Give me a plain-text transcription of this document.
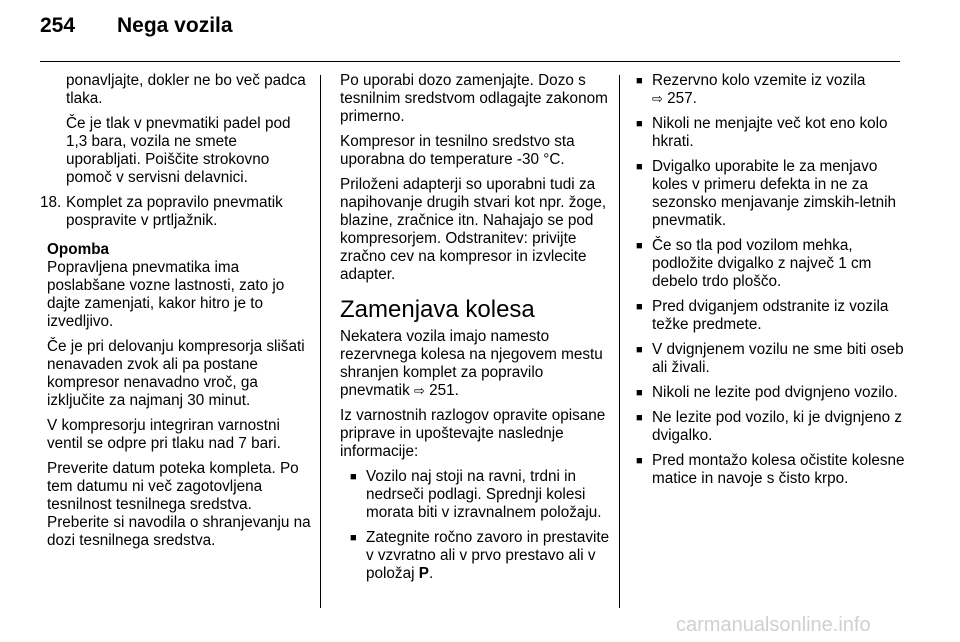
254 Nega vozila

ponavljajte, dokler ne bo več padca tlaka.

Če je tlak v pnevmatiki padel pod 1,3 bara, vozila ne smete uporabljati. Poiščite strokovno pomoč v servisni delavnici.

18. Komplet za popravilo pnevmatik pospravite v prtljažnik.

Opomba

Popravljena pnevmatika ima poslabšane vozne lastnosti, zato jo dajte zamenjati, kakor hitro je to izvedljivo.

Če je pri delovanju kompresorja slišati nenavaden zvok ali pa postane kompresor nenavadno vroč, ga izključite za najmanj 30 minut.

V kompresorju integriran varnostni ventil se odpre pri tlaku nad 7 bari.

Preverite datum poteka kompleta. Po tem datumu ni več zagotovljena tesnilnost tesnilnega sredstva. Preberite si navodila o shranjevanju na dozi tesnilnega sredstva.

Po uporabi dozo zamenjajte. Dozo s tesnilnim sredstvom odlagajte zakonom primerno.

Kompresor in tesnilno sredstvo sta uporabna do temperature -30 °C.

Priloženi adapterji so uporabni tudi za napihovanje drugih stvari kot npr. žoge, blazine, zračnice itn. Nahajajo se pod kompresorjem. Odstranitev: privijte zračno cev na kompresor in izvlecite adapter.

Zamenjava kolesa

Nekatera vozila imajo namesto rezervnega kolesa na njegovem mestu shranjen komplet za popravilo pnevmatik ⇨ 251.

Iz varnostnih razlogov opravite opisane priprave in upoštevajte naslednje informacije:

■ Vozilo naj stoji na ravni, trdni in nedrseči podlagi. Sprednji kolesi morata biti v izravnalnem položaju.

■ Zategnite ročno zavoro in prestavite v vzvratno ali v prvo prestavo ali v položaj P.

■ Rezervno kolo vzemite iz vozila
⇨ 257.

■ Nikoli ne menjajte več kot eno kolo hkrati.

■ Dvigalko uporabite le za menjavo koles v primeru defekta in ne za sezonsko menjavanje zimskih-letnih pnevmatik.

■ Če so tla pod vozilom mehka, podložite dvigalko z največ 1 cm debelo trdo ploščo.

■ Pred dviganjem odstranite iz vozila težke predmete.

■ V dvignjenem vozilu ne sme biti oseb ali živali.

■ Nikoli ne lezite pod dvignjeno vozilo.

■ Ne lezite pod vozilo, ki je dvignjeno z dvigalko.

■ Pred montažo kolesa očistite kolesne matice in navoje s čisto krpo.

carmanualsonline.info
